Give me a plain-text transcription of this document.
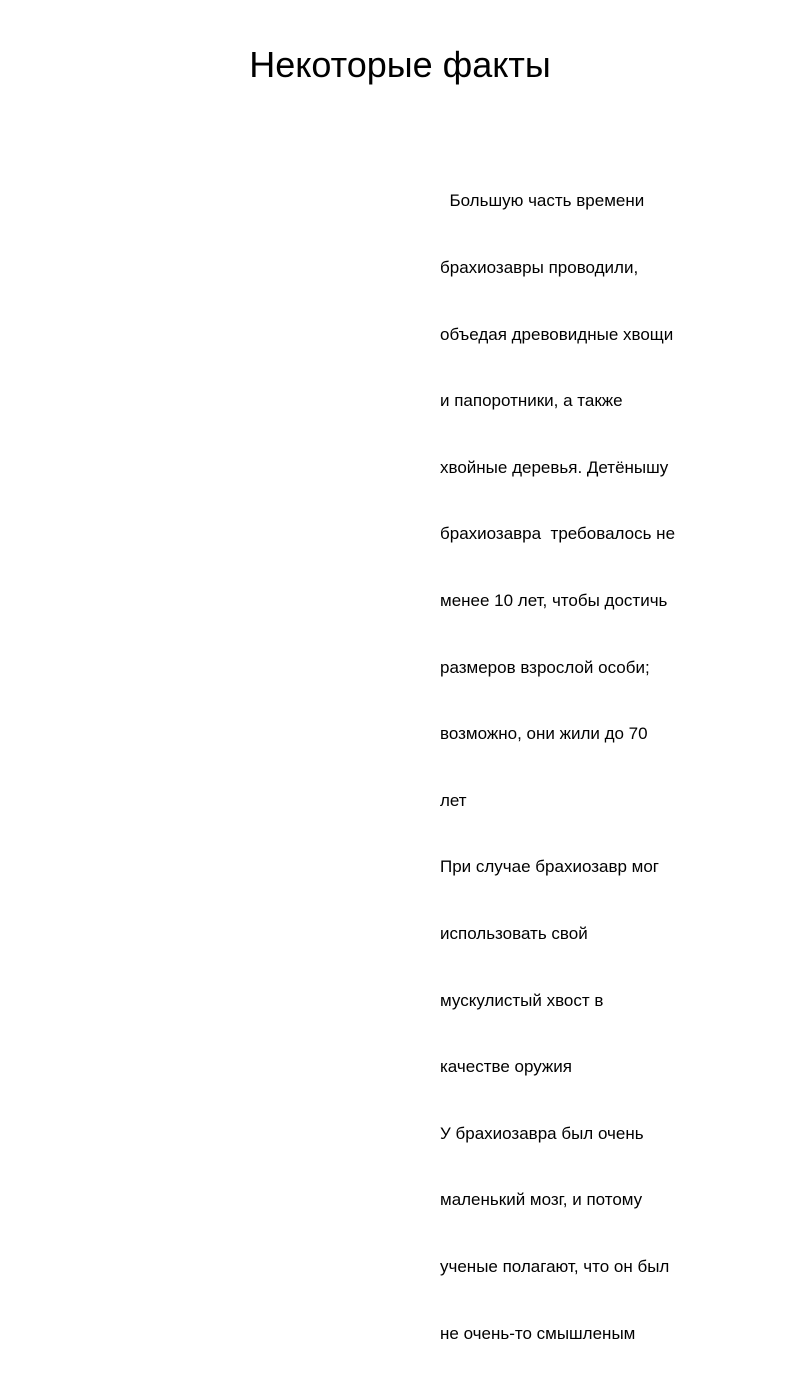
Некоторые факты

Большую часть времени

брахиозавры проводили,

объедая древовидные хвощи

и папоротники, а также

хвойные деревья. Детёнышу

брахиозавра  требовалось не

менее 10 лет, чтобы достичь

размеров взрослой особи;

возможно, они жили до 70

лет

При случае брахиозавр мог

использовать свой

мускулистый хвост в

качестве оружия

У брахиозавра был очень

маленький мозг, и потому

ученые полагают, что он был

не очень-то смышленым
